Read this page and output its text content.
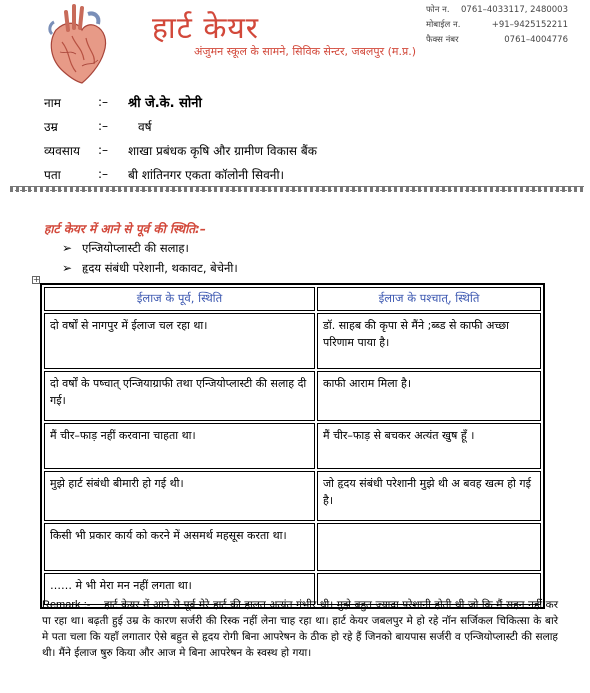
हार्ट केयर
अंजुमन स्कूल के सामने, सिविक सेन्टर, जबलपुर (म.प्र.)
फोन न.	0761–4033117, 2480003
मोबाईल न.	+91–9425152211
फैक्स नंबर	0761–4004776
नाम	:–	श्री जे.के. सोनी
उम्र	:–	वर्ष
व्यवसाय	:–	शाखा प्रबंधक कृषि और ग्रामीण विकास बैंक
पता	:–	बी शांतिनगर एकता कॉलोनी सिवनी।
हार्ट केयर में आने से पूर्व की स्थिति:–
➢ एन्जियोप्लास्टी की सलाह।
➢ हृदय संबंधी परेशानी, थकावट, बेचेनी।
+
ईलाज के पूर्व, स्थिति	ईलाज के पश्चात्, स्थिति
दो वर्षों से नागपुर में ईलाज चल रहा था।	डॉ. साहब की कृपा से मैंने ;ब्ब्ड से काफी अच्छा परिणाम पाया है।
दो वर्षों के पष्चात् एन्जियाग्राफी तथा एन्जियोप्लास्टी की सलाह दी गई।	काफी आराम मिला है।
मैं चीर–फाड़ नहीं करवाना चाहता था।	मैं चीर–फाड़ से बचकर अत्यंत खुष हूँ ।
मुझे हार्ट संबंधी बीमारी हो गई थी।	जो हृदय संबंधी परेशानी मुझे थी अ बवह खत्म हो गई है।
किसी भी प्रकार कार्य को करने में असमर्थ महसूस करता था।	
…… मे भी मेरा मन नहीं लगता था।	
Remark :- हार्ट केयर में आने से पूर्व मेरे हार्ट की हालत अत्यंत गंभीर थी। मुझे बहुत ज्यादा परेशानी होती थी जो कि मैं सहन नहीं कर पा रहा था। बढ़ती हुई उम्र के कारण सर्जरी की रिस्क नहीं लेना चाह रहा था। हार्ट केयर जबलपुर मे हो रहे नॉन सर्जिकल चिकित्सा के बारे मे पता चला कि यहाँ लगातार ऐसे बहुत से हृदय रोगी बिना आपरेषन के ठीक हो रहे हैं जिनको बायपास सर्जरी व एन्जियोप्लास्टी की सलाह थी। मैंने ईलाज षुरु किया और आज मे बिना आपरेषन के स्वस्थ हो गया।
